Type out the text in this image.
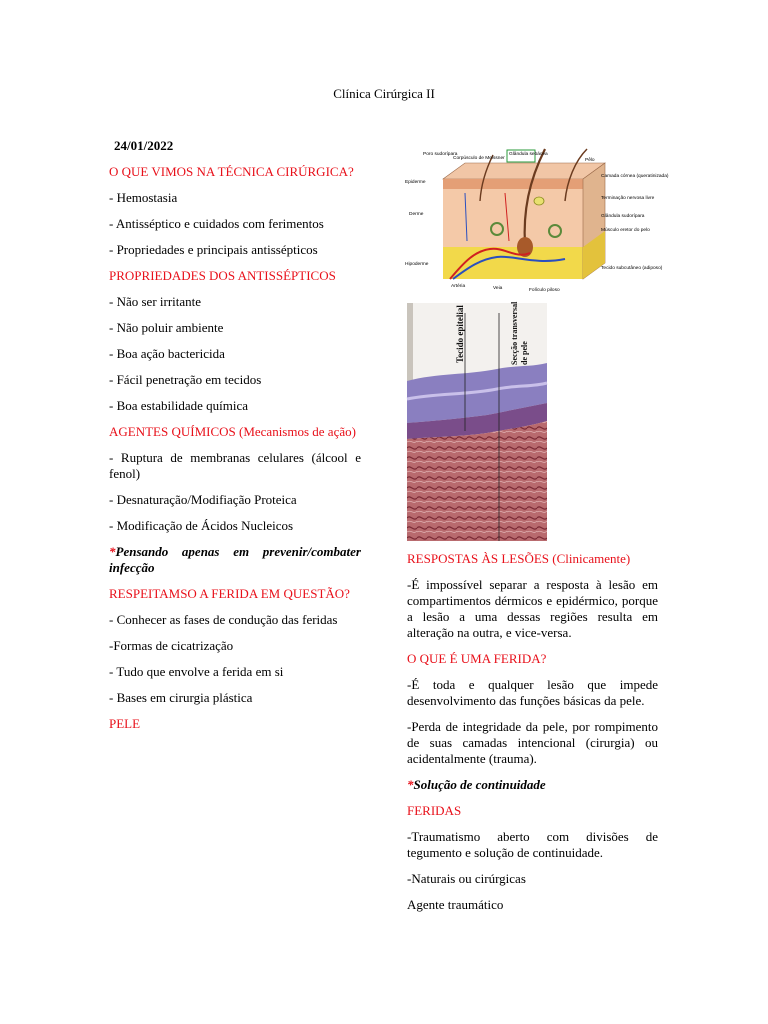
Clínica Cirúrgica II
24/01/2022
O QUE VIMOS NA TÉCNICA CIRÚRGICA?
- Hemostasia
- Antisséptico e cuidados com ferimentos
- Propriedades e principais antissépticos
PROPRIEDADES DOS ANTISSÉPTICOS
- Não ser irritante
- Não poluir ambiente
- Boa ação bactericida
- Fácil penetração em tecidos
- Boa estabilidade química
AGENTES QUÍMICOS (Mecanismos de ação)
- Ruptura de membranas celulares (álcool e fenol)
- Desnaturação/Modifiação Proteica
- Modificação de Ácidos Nucleicos
*Pensando apenas em prevenir/combater infecção
RESPEITAMSO A FERIDA EM QUESTÃO?
- Conhecer as fases de condução das feridas
-Formas de cicatrização
- Tudo que envolve a ferida em si
- Bases em cirurgia plástica
PELE
Poro sudorípara
Corpúsculo de Meissner
Glândula sebácea
Pêlo
Camada córnea (queratinizada)
Epiderme
Terminação nervosa livre
Derme	Glândula sudorípara
Músculo eretor do pelo
Hipoderme
Tecido subcutâneo (adiposo)
Artéria	Veia	Folículo piloso
Tecido epitelial	Secção transversal de pele
RESPOSTAS ÀS LESÕES (Clinicamente)
-É impossível separar a resposta à lesão em compartimentos dérmicos e epidérmico, porque a lesão a uma dessas regiões resulta em alteração na outra, e vice-versa.
O QUE É UMA FERIDA?
-É toda e qualquer lesão que impede desenvolvimento das funções básicas da pele.
-Perda de integridade da pele, por rompimento de suas camadas intencional (cirurgia) ou acidentalmente (trauma).
*Solução de continuidade
FERIDAS
-Traumatismo aberto com divisões de tegumento e solução de continuidade.
-Naturais ou cirúrgicas
Agente traumático
